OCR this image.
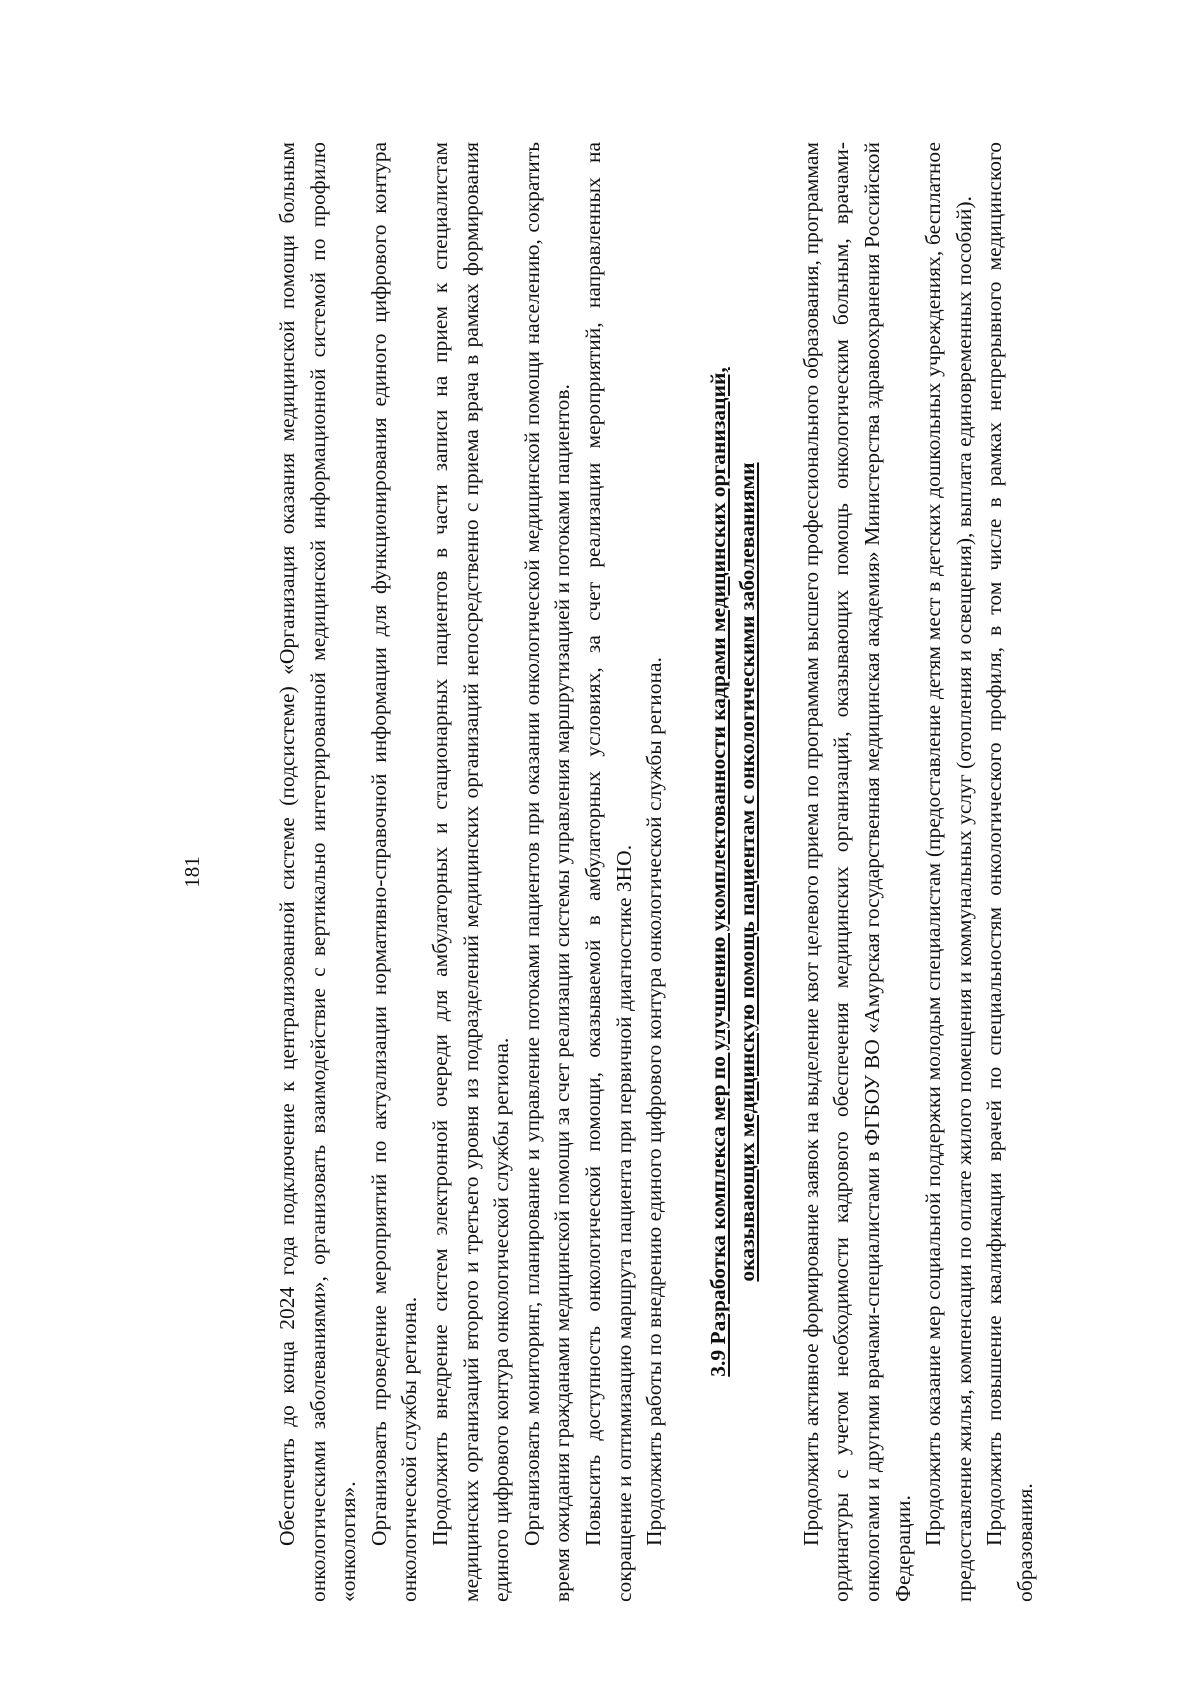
181	Обеспечить до конца 2024 года подключение к централизованной системе (подсистеме) «Организация оказания медицинской помощи больным онкологическими заболеваниями», организовать взаимодействие с вертикально интегрированной медицинской информационной системой по профилю «онкология». Организовать проведение мероприятий по актуализации нормативно-справочной информации для функционирования единого цифрового контура онкологической службы региона. Продолжить внедрение систем электронной очереди для амбулаторных и стационарных пациентов в части записи на прием к специалистам медицинских организаций второго и третьего уровня из подразделений медицинских организаций непосредственно с приема врача в рамках формирования единого цифрового контура онкологической службы региона. Организовать мониторинг, планирование и управление потоками пациентов при оказании онкологической медицинской помощи населению, сократить время ожидания гражданами медицинской помощи за счет реализации системы управления маршрутизацией и потоками пациентов. Повысить доступность онкологической помощи, оказываемой в амбулаторных условиях, за счет реализации мероприятий, направленных на сокращение и оптимизацию маршрута пациента при первичной диагностике ЗНО. Продолжить работы по внедрению единого цифрового контура онкологической службы региона. 3.9 Разработка комплекса мер по улучшению укомплектованности кадрами медицинских организаций, оказывающих медицинскую помощь пациентам с онкологическими заболеваниями Продолжить активное формирование заявок на выделение квот целевого приема по программам высшего профессионального образования, программам ординатуры с учетом необходимости кадрового обеспечения медицинских организаций, оказывающих помощь онкологическим больным, врачами-онкологами и другими врачами-специалистами в ФГБОУ ВО «Амурская государственная медицинская академия» Министерства здравоохранения Российской Федерации.

Продолжить оказание мер социальной поддержки молодым специалистам (предоставление детям мест в детских дошкольных учреждениях, бесплатное предоставление жилья, компенсации по оплате жилого помещения и коммунальных услуг (отопления и освещения), выплата единовременных пособий). Продолжить повышение квалификации врачей по специальностям онкологического профиля, в том числе в рамках непрерывного медицинского образования.
